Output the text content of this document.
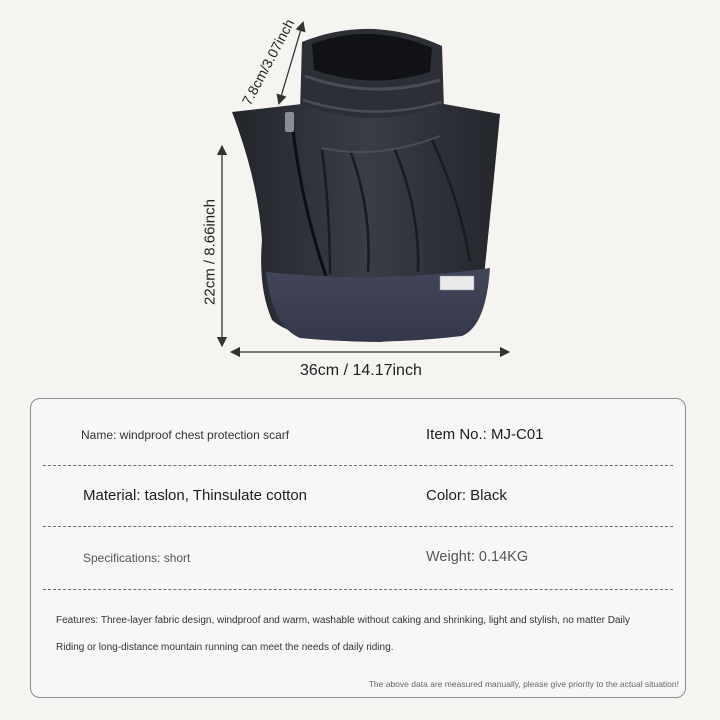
7.8cm/3.07inch
22cm / 8.66inch
36cm / 14.17inch
Name: windproof chest protection scarf	Item No.: MJ-C01
Material: taslon, Thinsulate cotton	Color: Black
Specifications: short	Weight: 0.14KG
Features: Three-layer fabric design, windproof and warm, washable without caking and shrinking, light and stylish, no matter Daily
Riding or long-distance mountain running can meet the needs of daily riding.
The above data are measured manually, please give priority to the actual situation!
